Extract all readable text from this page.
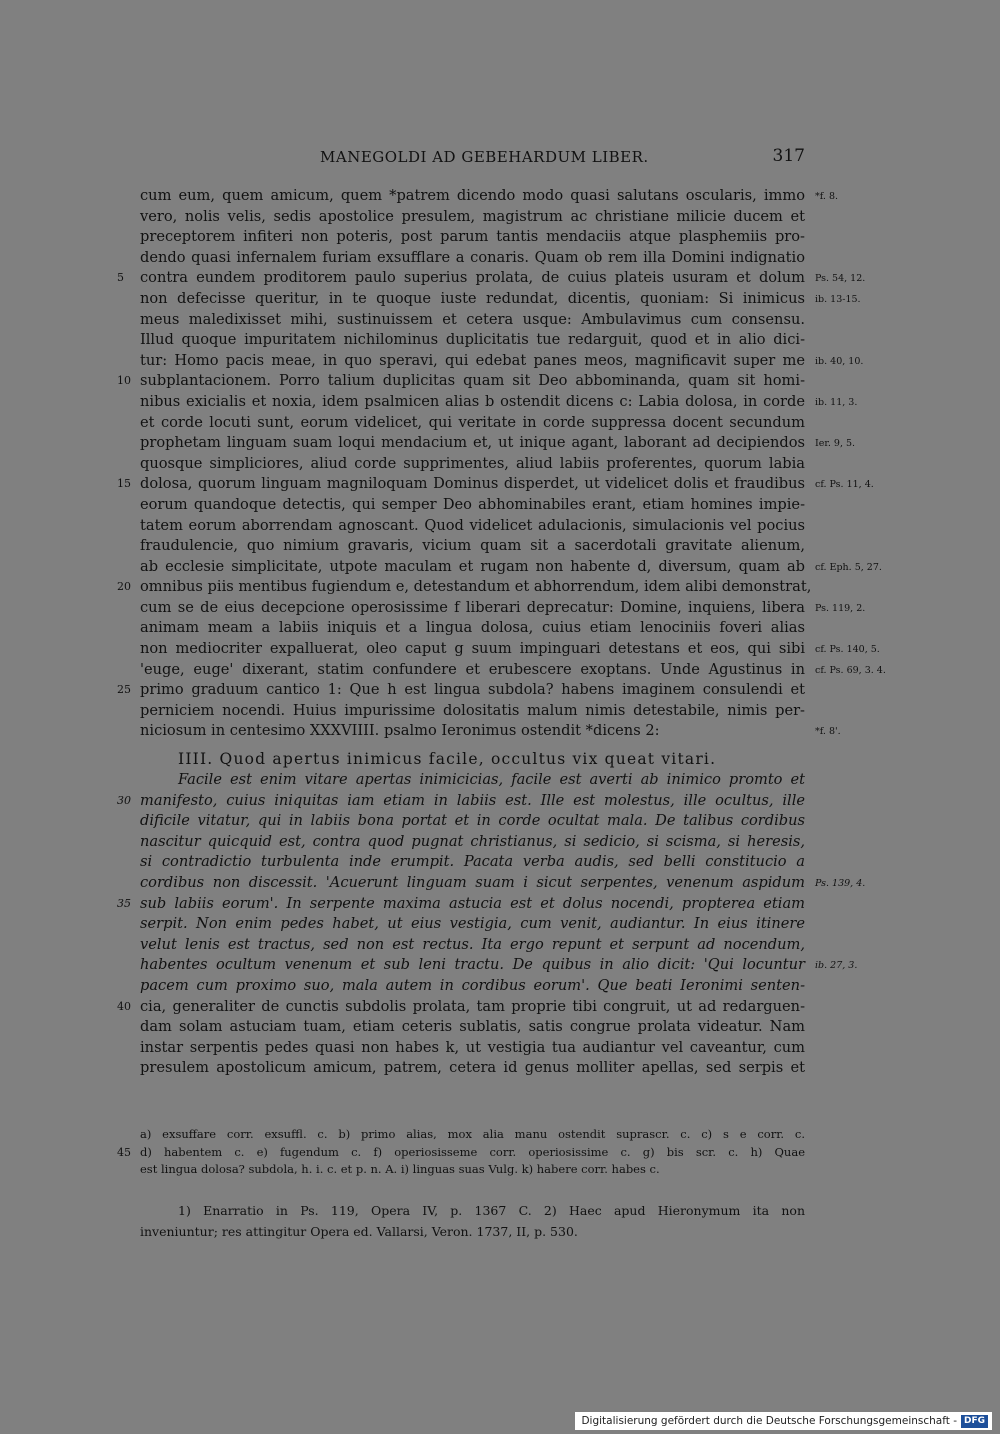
MANEGOLDI AD GEBEHARDUM LIBER.	317
cum eum, quem amicum, quem *patrem dicendo modo quasi salutans oscularis, immo *f. 8.
vero, nolis velis, sedis apostolice presulem, magistrum ac christiane milicie ducem et
preceptorem infiteri non poteris, post parum tantis mendaciis atque plasphemiis pro-
dendo quasi infernalem furiam exsufflare a conaris. Quam ob rem illa Domini indignatio
5 contra eundem proditorem paulo superius prolata, de cuius plateis usuram et dolum Ps. 54, 12.
non defecisse queritur, in te quoque iuste redundat, dicentis, quoniam: Si inimicus ib. 13-15.
meus maledixisset mihi, sustinuissem et cetera usque: Ambulavimus cum consensu.
Illud quoque impuritatem nichilominus duplicitatis tue redarguit, quod et in alio dici-
tur: Homo pacis meae, in quo speravi, qui edebat panes meos, magnificavit super me ib. 40, 10.
10 subplantacionem. Porro talium duplicitas quam sit Deo abbominanda, quam sit homi-
nibus exicialis et noxia, idem psalmicen alias b ostendit dicens c: Labia dolosa, in corde ib. 11, 3.
et corde locuti sunt, eorum videlicet, qui veritate in corde suppressa docent secundum
prophetam linguam suam loqui mendacium et, ut inique agant, laborant ad decipiendos Ier. 9, 5.
quosque simpliciores, aliud corde supprimentes, aliud labiis proferentes, quorum labia
15 dolosa, quorum linguam magniloquam Dominus disperdet, ut videlicet dolis et fraudibus cf. Ps. 11, 4.
eorum quandoque detectis, qui semper Deo abhominabiles erant, etiam homines impie-
tatem eorum aborrendam agnoscant. Quod videlicet adulacionis, simulacionis vel pocius
fraudulencie, quo nimium gravaris, vicium quam sit a sacerdotali gravitate alienum,
ab ecclesie simplicitate, utpote maculam et rugam non habente d, diversum, quam ab cf. Eph. 5, 27.
20 omnibus piis mentibus fugiendum e, detestandum et abhorrendum, idem alibi demonstrat,
cum se de eius decepcione operosissime f liberari deprecatur: Domine, inquiens, libera Ps. 119, 2.
animam meam a labiis iniquis et a lingua dolosa, cuius etiam lenociniis foveri alias
non mediocriter expalluerat, oleo caput g suum impinguari detestans et eos, qui sibi cf. Ps. 140, 5.
'euge, euge' dixerant, statim confundere et erubescere exoptans. Unde Agustinus in cf. Ps. 69, 3. 4.
25 primo graduum cantico 1: Que h est lingua subdola? habens imaginem consulendi et
perniciem nocendi. Huius impurissime dolositatis malum nimis detestabile, nimis per-
niciosum in centesimo XXXVIIII. psalmo Ieronimus ostendit *dicens 2:	*f. 8'.
IIII. Quod apertus inimicus facile, occultus vix queat vitari.
Facile est enim vitare apertas inimicicias, facile est averti ab inimico promto et
30 manifesto, cuius iniquitas iam etiam in labiis est. Ille est molestus, ille ocultus, ille
dificile vitatur, qui in labiis bona portat et in corde ocultat mala. De talibus cordibus
nascitur quicquid est, contra quod pugnat christianus, si sedicio, si scisma, si heresis,
si contradictio turbulenta inde erumpit. Pacata verba audis, sed belli constitucio a
cordibus non discessit. 'Acuerunt linguam suam i sicut serpentes, venenum aspidum Ps. 139, 4.
35 sub labiis eorum'. In serpente maxima astucia est et dolus nocendi, propterea etiam
serpit. Non enim pedes habet, ut eius vestigia, cum venit, audiantur. In eius itinere
velut lenis est tractus, sed non est rectus. Ita ergo repunt et serpunt ad nocendum,
habentes ocultum venenum et sub leni tractu. De quibus in alio dicit: 'Qui locuntur ib. 27, 3.
pacem cum proximo suo, mala autem in cordibus eorum'. Que beati Ieronimi senten-
40 cia, generaliter de cunctis subdolis prolata, tam proprie tibi congruit, ut ad redarguen-
dam solam astuciam tuam, etiam ceteris sublatis, satis congrue prolata videatur. Nam
instar serpentis pedes quasi non habes k, ut vestigia tua audiantur vel caveantur, cum
presulem apostolicum amicum, patrem, cetera id genus molliter apellas, sed serpis et
a) exsuffare corr. exsuffl. c. b) primo alias, mox alia manu ostendit suprascr. c. c) s e corr. c.
45 d) habentem c. e) fugendum c. f) operiosisseme corr. operiosissime c. g) bis scr. c. h) Quae
est lingua dolosa? subdola, h. i. c. et p. n. A. i) linguas suas Vulg. k) habere corr. habes c.
1) Enarratio in Ps. 119, Opera IV, p. 1367 C. 2) Haec apud Hieronymum ita non
inveniuntur; res attingitur Opera ed. Vallarsi, Veron. 1737, II, p. 530.
Digitalisierung gefördert durch die Deutsche Forschungsgemeinschaft - DFG
